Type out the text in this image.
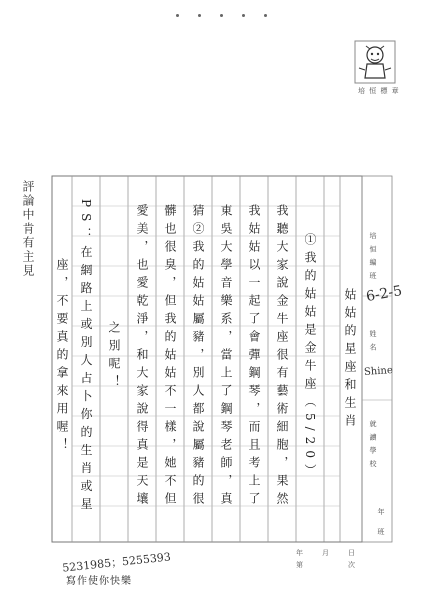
培 恒 標 章
姑姑的星座和生肖
①我的姑姑是金牛座（5/20）
我聽大家說金牛座很有藝術細胞，果然
我姑姑以一起了會彈鋼琴，而且考上了
東吳大學音樂系，當上了鋼琴老師，真
猜②我的姑姑屬豬，別人都說屬豬的很
髒也很臭，但我的姑姑不一樣，她不但
愛美，也愛乾淨，和大家說得真是天壤
之別呢！
PS：在網路上或別人占卜你的生肖或星
座，不要真的拿來用喔！
培 恒 編 班
6-2-5
姓 名
Shine
就 讀 學 校
年
班
評論中肯有主見
年	月	日
第	次
5231985；5255393
寫作使你快樂
